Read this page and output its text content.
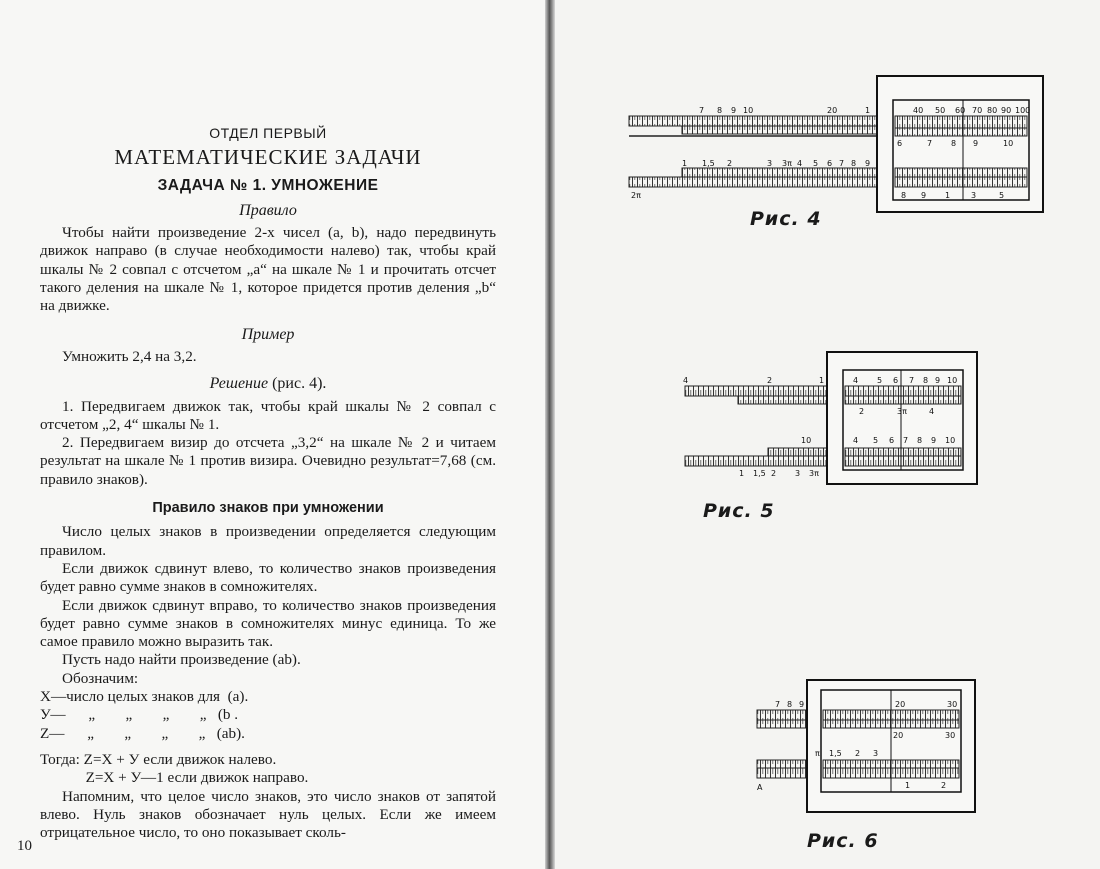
ОТДЕЛ ПЕРВЫЙ
МАТЕМАТИЧЕСКИЕ ЗАДАЧИ
ЗАДАЧА № 1. УМНОЖЕНИЕ
Правило

Чтобы найти произведение 2-х чисел (a, b), надо передвинуть движок направо (в случае необходимости налево) так, чтобы край шкалы № 2 совпал с отсчетом „a“ на шкале № 1 и прочитать отсчет такого деления на шкале № 1, которое придется против деления „b“ на движке.

Пример

Умножить 2,4 на 3,2.

Решение (рис. 4).

1. Передвигаем движок так, чтобы край шкалы № 2 совпал с отсчетом „2, 4“ шкалы № 1.

2. Передвигаем визир до отсчета „3,2“ на шкале № 2 и читаем результат на шкале № 1 против визира. Очевидно результат=7,68 (см. правило знаков).

Правило знаков при умножении

Число целых знаков в произведении определяется следующим правилом.

Если движок сдвинут влево, то количество знаков произведения будет равно сумме знаков в сомножителях.

Если движок сдвинут вправо, то количество знаков произведения будет равно сумме знаков в сомножителях минус единица. То же самое правило можно выразить так.

Пусть надо найти произведение (ab).

Обозначим:
X—число целых знаков для  (a).
У—      „        „        „        „   (b .
Z—      „        „        „        „   (ab).
Тогда: Z=X + У если движок налево.
Z=X + У—1 если движок направо.

Напомним, что целое число знаков, это число знаков от запятой влево. Нуль знаков обозначает нуль целых. Если же имеем отрицательное число, то оно показывает сколь-

10
7 8 9 10	20	1	40 50 60 70 80 90 100
6	7 8 9	10
1 1,5 2	3 3π 4 5 6 7 8 9
8 9 1	3	5
2π
Рис. 4
2	1	4 5 6 7 8 9 10
2	3π	4
10
1 1,5 2 3 3π
4 5 6 7 8 9 10
4
Рис. 5
7 8 9	20	30
20	30
π 1,5 2 3
1	2
A
Рис. 6
